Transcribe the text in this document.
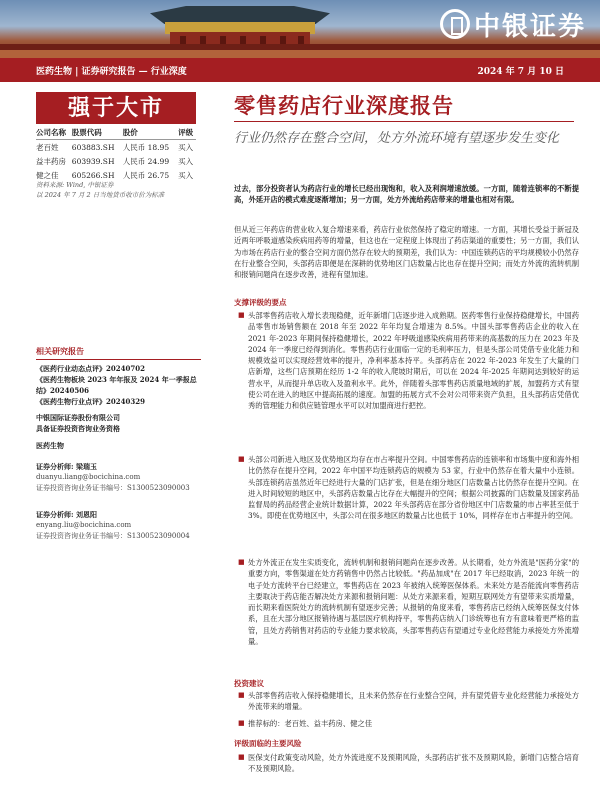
中银证券
医药生物 | 证券研究报告 — 行业深度	2024 年 7 月 10 日
强于大市
公司名称	股票代码	股价	评级
老百姓	603883.SH	人民币 18.95	买入
益丰药房	603939.SH	人民币 24.99	买入
健之佳	605266.SH	人民币 26.75	买入
资料来源: Wind, 中银证券
以 2024 年 7 月 2 日当地货币收市价为标准
相关研究报告
《医药行业动态点评》20240702
《医药生物板块 2023 年年报及 2024 年一季报总结》20240506
《医药生物行业点评》20240329
中银国际证券股份有限公司
具备证券投资咨询业务资格
医药生物
证券分析师: 梁瑞玉
duanyu.liang@bocichina.com
证券投资咨询业务证书编号：S1300523090003
证券分析师: 刘恩阳
enyang.liu@bocichina.com
证券投资咨询业务证书编号：S1300523090004
零售药店行业深度报告
行业仍然存在整合空间，处方外流环境有望逐步发生变化
过去，部分投资者认为药店行业的增长已经出现饱和，收入及利润增速放缓。一方面，随着连锁率的不断提高，外延开店的模式难度逐渐增加；另一方面，处方外流给药店带来的增量也相对有限。
但从近三年药店的营业收入复合增速来看，药店行业依然保持了稳定的增速。一方面，其增长受益于新冠及近两年呼吸道感染疾病用药等的增量，但这也在一定程度上体现出了药店渠道的重要性；另一方面，我们认为市场在药店行业的整合空间方面仍然存在较大的预期差，我们认为：中国连锁药店的平均规模较小仍然存在行业整合空间，头部药店即便是在深耕的优势地区门店数量占比也存在提升空间；而处方外流的流转机制和报销问题尚在逐步改善，进程有望加速。
支撑评级的要点
■ 头部零售药店收入增长表现稳健，近年新增门店逐步进入成熟期。医药零售行业保持稳健增长，中国药品零售市场销售额在 2018 年至 2022 年年均复合增速为 8.5%。中国头部零售药店企业的收入在 2021 年-2023 年期间保持稳健增长，2022 年呼吸道感染疾病用药带来的高基数的压力在 2023 年及 2024 年一季度已经得到消化。零售药店行业面临一定的毛利率压力，但是头部公司凭借专业化能力和规模效益可以实现经营效率的提升，净利率基本持平。头部药店在 2022 年-2023 年发生了大量的门店新增，这些门店预期在经历 1-2 年的收入爬坡时期后，可以在 2024 年-2025 年期间达到较好的运营水平，从而提升单店收入及盈利水平。此外，伴随着头部零售药店质量地域的扩展，加盟药方式有望使公司在进入的地区中提高拓展的速度。加盟的拓展方式不会对公司带来资产负担，且头部药店凭借优秀的管理能力和供应链管理水平可以对加盟商进行把控。
■ 头部公司新进入地区及优势地区均存在市占率提升空间。中国零售药店的连锁率和市场集中度和海外相比仍然存在提升空间，2022 年中国平均连锁药店的规模为 53 家，行业中仍然存在着大量中小连锁。头部连锁药店虽然近年已经进行大量的门店扩张，但是在细分地区门店数量占比仍然存在提升空间。在进入时间较短的地区中，头部药店数量占比存在大幅提升的空间；根据公司披露的门店数量及国家药品监督局的药品经营企业统计数据计算，2022 年头部药店在部分省份地区中门店数量的市占率甚至低于 3%。即使在优势地区中，头部公司在很多地区的数量占比也低于 10%，同样存在市占率提升的空间。
■ 处方外流正在发生实质变化，流转机制和报销问题尚在逐步改善。从长期看，处方外流是"医药分家"的重要方向，零售渠道在处方药销售中仍然占比较低。"药品加成"在 2017 年已经取消，2023 年统一的电子处方流转平台已经建立，零售药店在 2023 年被纳入统筹医保体系。未来处方是否能流向零售药店主要取决于药店能否解决处方来源和报销问题：从处方来源来看，短期互联网处方有望带来实质增量，而长期来看医院处方的流转机制有望逐步完善；从报销的角度来看，零售药店已经纳入统筹医保支付体系，且在大部分地区报销待遇与基层医疗机构持平，零售药店纳入门诊统筹也有方有意味着更严格的监管，且处方药销售对药店的专业能力要求较高，头部零售药店有望通过专业化经营能力承接处方外流增量。
投资建议
■ 头部零售药店收入保持稳健增长，且未来仍然存在行业整合空间，并有望凭借专业化经营能力承接处方外流带来的增量。
■ 推荐标的：老百姓、益丰药房、健之佳
评级面临的主要风险
■ 医保支付政策变动风险，处方外流进度不及预期风险，头部药店扩张不及预期风险，新增门店整合培育不及预期风险。
